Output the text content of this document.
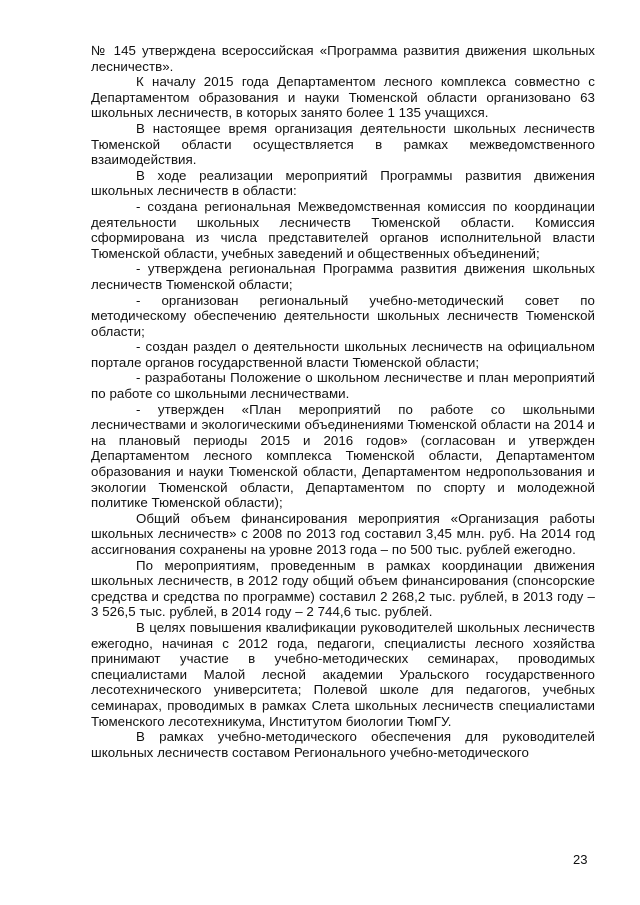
№ 145 утверждена всероссийская «Программа развития движения школьных лесничеств».

К началу 2015 года Департаментом лесного комплекса совместно с Департаментом образования и науки Тюменской области организовано 63 школьных лесничеств, в которых занято более 1 135 учащихся.

В настоящее время организация деятельности школьных лесничеств Тюменской области осуществляется в рамках межведомственного взаимодействия.

В ходе реализации мероприятий Программы развития движения школьных лесничеств в области:

- создана региональная Межведомственная комиссия по координации деятельности школьных лесничеств Тюменской области. Комиссия сформирована из числа представителей органов исполнительной власти Тюменской области, учебных заведений и общественных объединений;

- утверждена региональная Программа развития движения школьных лесничеств Тюменской области;

- организован региональный учебно-методический совет по методическому обеспечению деятельности школьных лесничеств Тюменской области;

- создан раздел о деятельности школьных лесничеств на официальном портале органов государственной власти Тюменской области;

- разработаны Положение о школьном лесничестве и план мероприятий по работе со школьными лесничествами.

- утвержден «План мероприятий по работе со школьными лесничествами и экологическими объединениями Тюменской области на 2014 и на плановый периоды 2015 и 2016 годов» (согласован и утвержден Департаментом лесного комплекса Тюменской области, Департаментом образования и науки Тюменской области, Департаментом недропользования и экологии Тюменской области, Департаментом по спорту и молодежной политике Тюменской области);

Общий объем финансирования мероприятия «Организация работы школьных лесничеств» с 2008 по 2013 год составил 3,45 млн. руб. На 2014 год ассигнования сохранены на уровне 2013 года – по 500 тыс. рублей ежегодно.

По мероприятиям, проведенным в рамках координации движения школьных лесничеств, в 2012 году общий объем финансирования (спонсорские средства и средства по программе) составил 2 268,2 тыс. рублей, в 2013 году – 3 526,5 тыс. рублей, в 2014 году – 2 744,6 тыс. рублей.

В целях повышения квалификации руководителей школьных лесничеств ежегодно, начиная с 2012 года, педагоги, специалисты лесного хозяйства принимают участие в учебно-методических семинарах, проводимых специалистами Малой лесной академии Уральского государственного лесотехнического университета; Полевой школе для педагогов, учебных семинарах, проводимых в рамках Слета школьных лесничеств специалистами Тюменского лесотехникума, Институтом биологии ТюмГУ.

В рамках учебно-методического обеспечения для руководителей школьных лесничеств составом Регионального учебно-методического

23
